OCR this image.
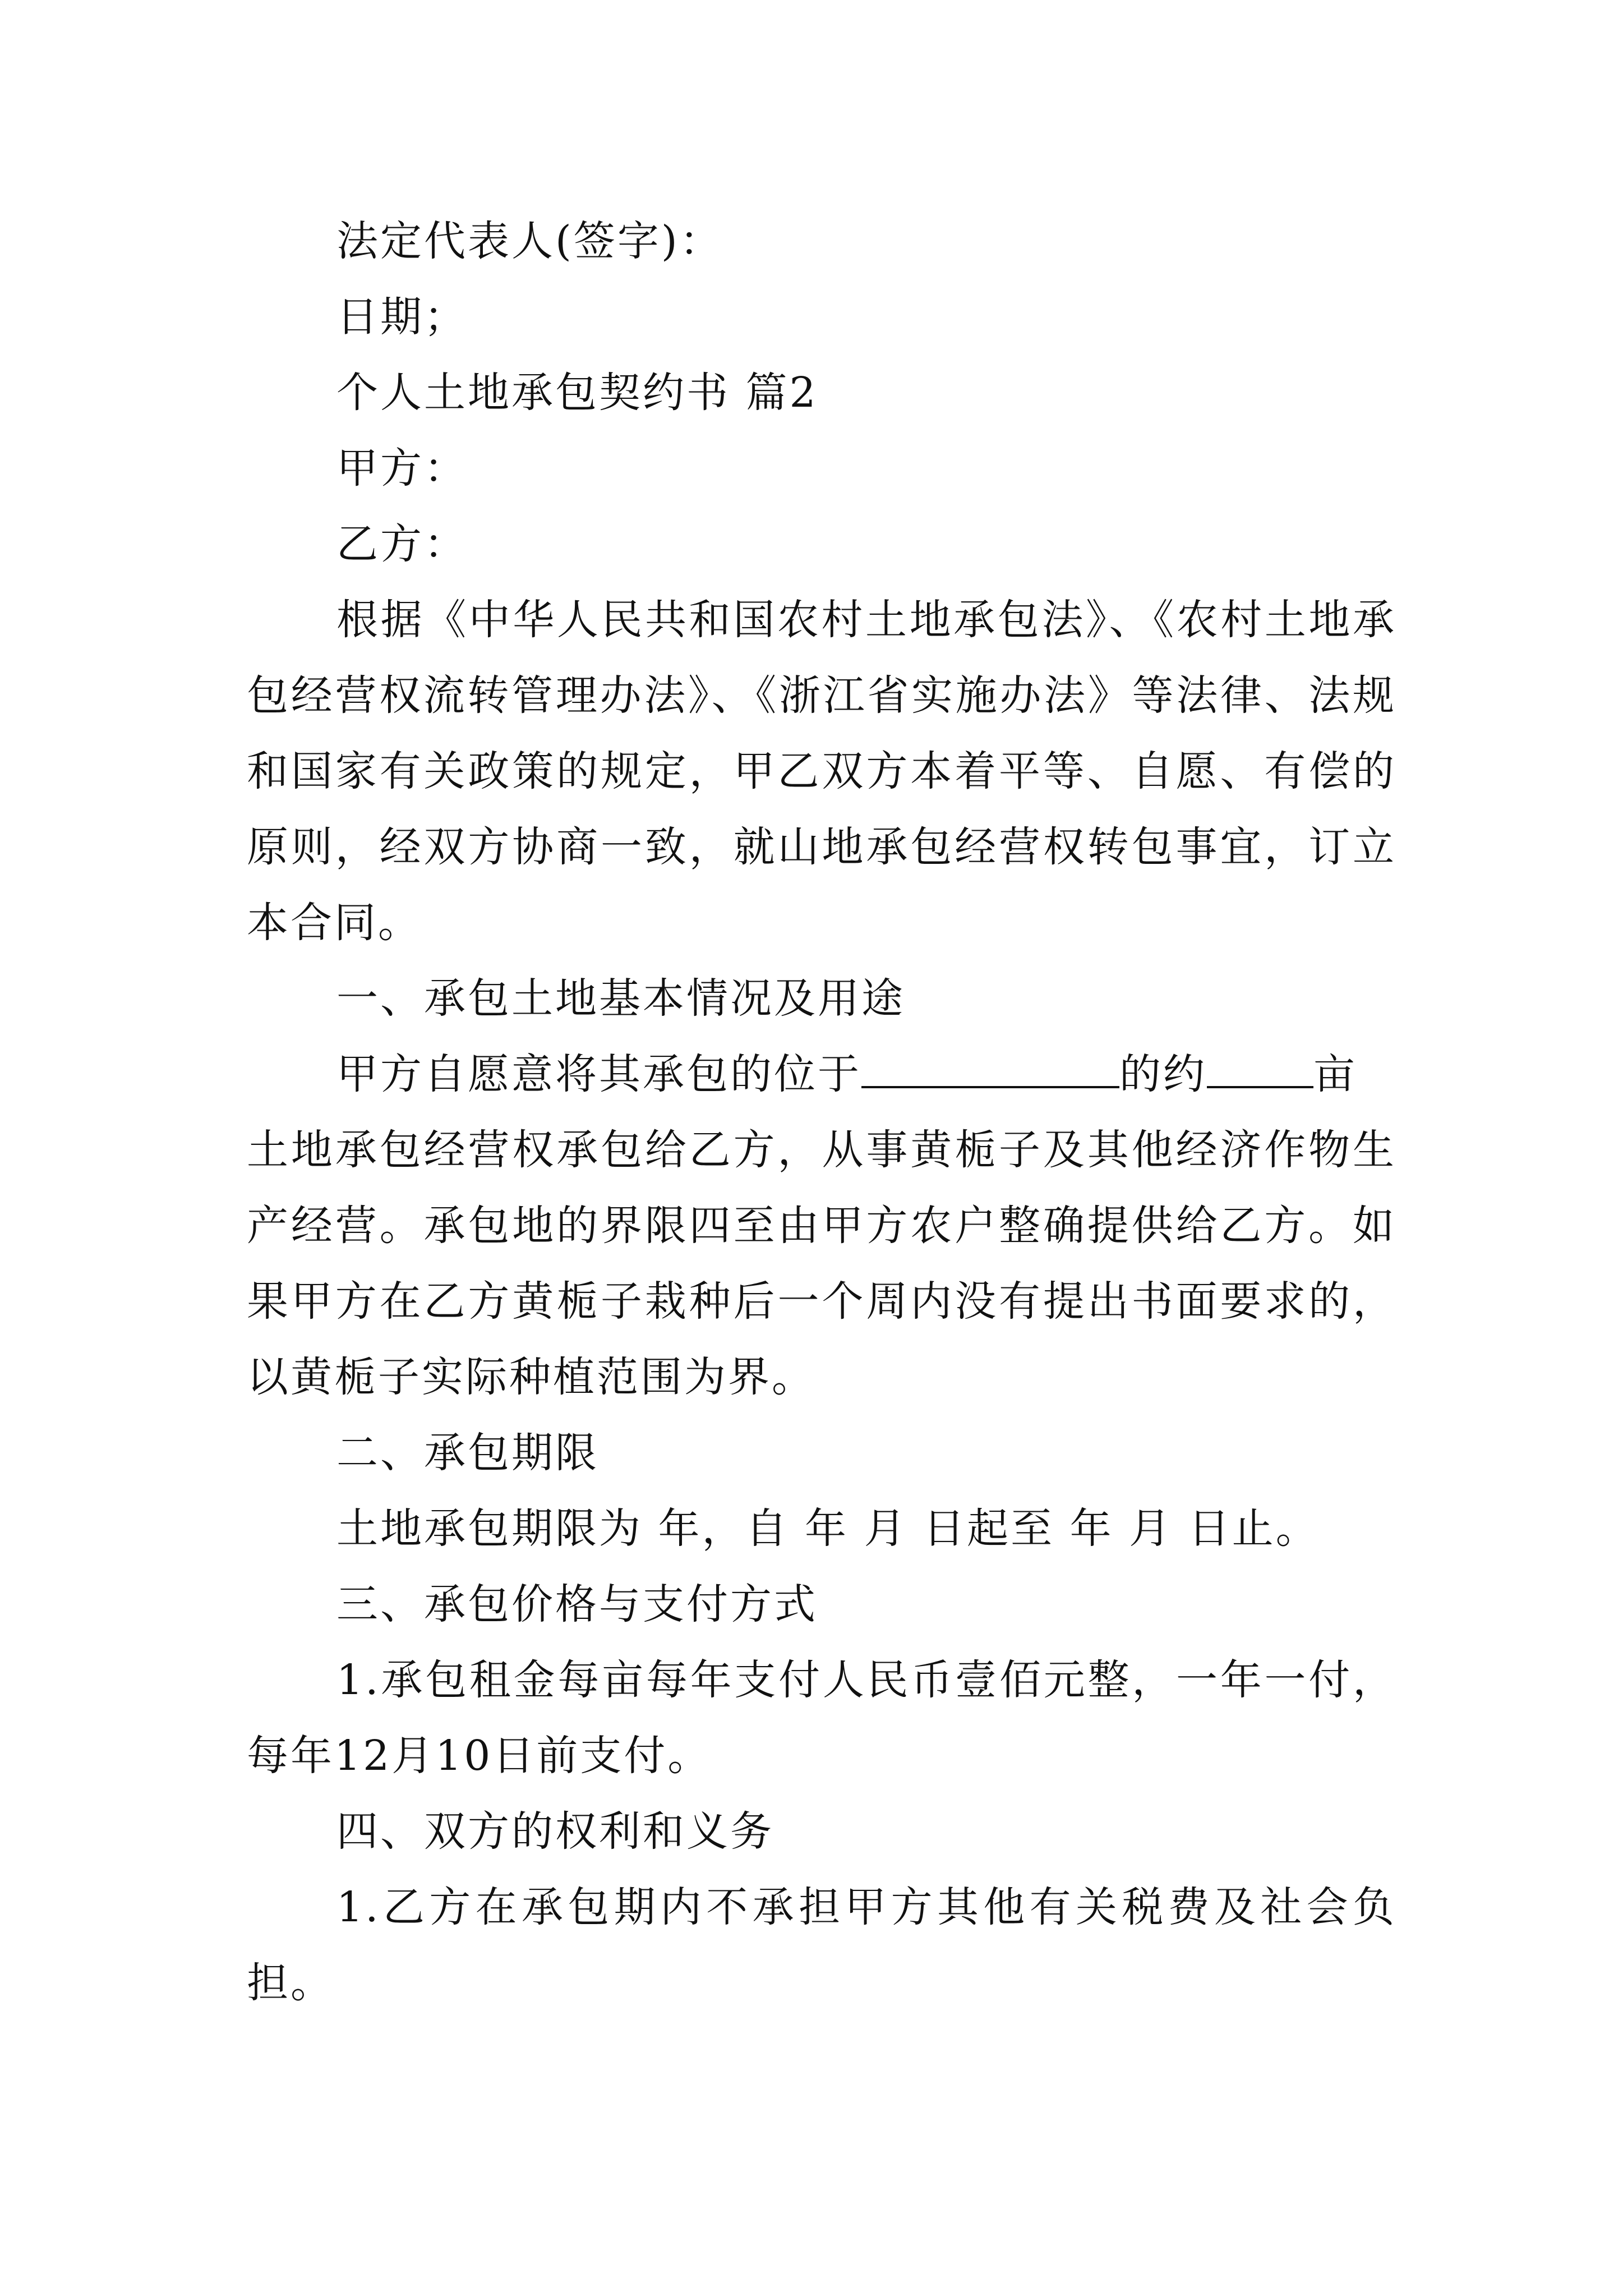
法定代表人(签字)：
日期；
个人土地承包契约书 篇2
甲方：
乙方：
根据《中华人民共和国农村土地承包法》、《农村土地承
包经营权流转管理办法》、《浙江省实施办法》等法律、法规
和国家有关政策的规定，甲乙双方本着平等、自愿、有偿的
原则，经双方协商一致，就山地承包经营权转包事宜，订立
本合同。
一、承包土地基本情况及用途
甲方自愿意将其承包的位于	的约	亩
土地承包经营权承包给乙方，从事黄栀子及其他经济作物生
产经营。承包地的界限四至由甲方农户整确提供给乙方。如
果甲方在乙方黄栀子栽种后一个周内没有提出书面要求的，
以黄栀子实际种植范围为界。
二、承包期限
土地承包期限为 年，自 年 月 日起至 年 月 日止。
三、承包价格与支付方式
1.承包租金每亩每年支付人民币壹佰元整，一年一付，
每年12月10日前支付。
四、双方的权利和义务
1.乙方在承包期内不承担甲方其他有关税费及社会负
担。
